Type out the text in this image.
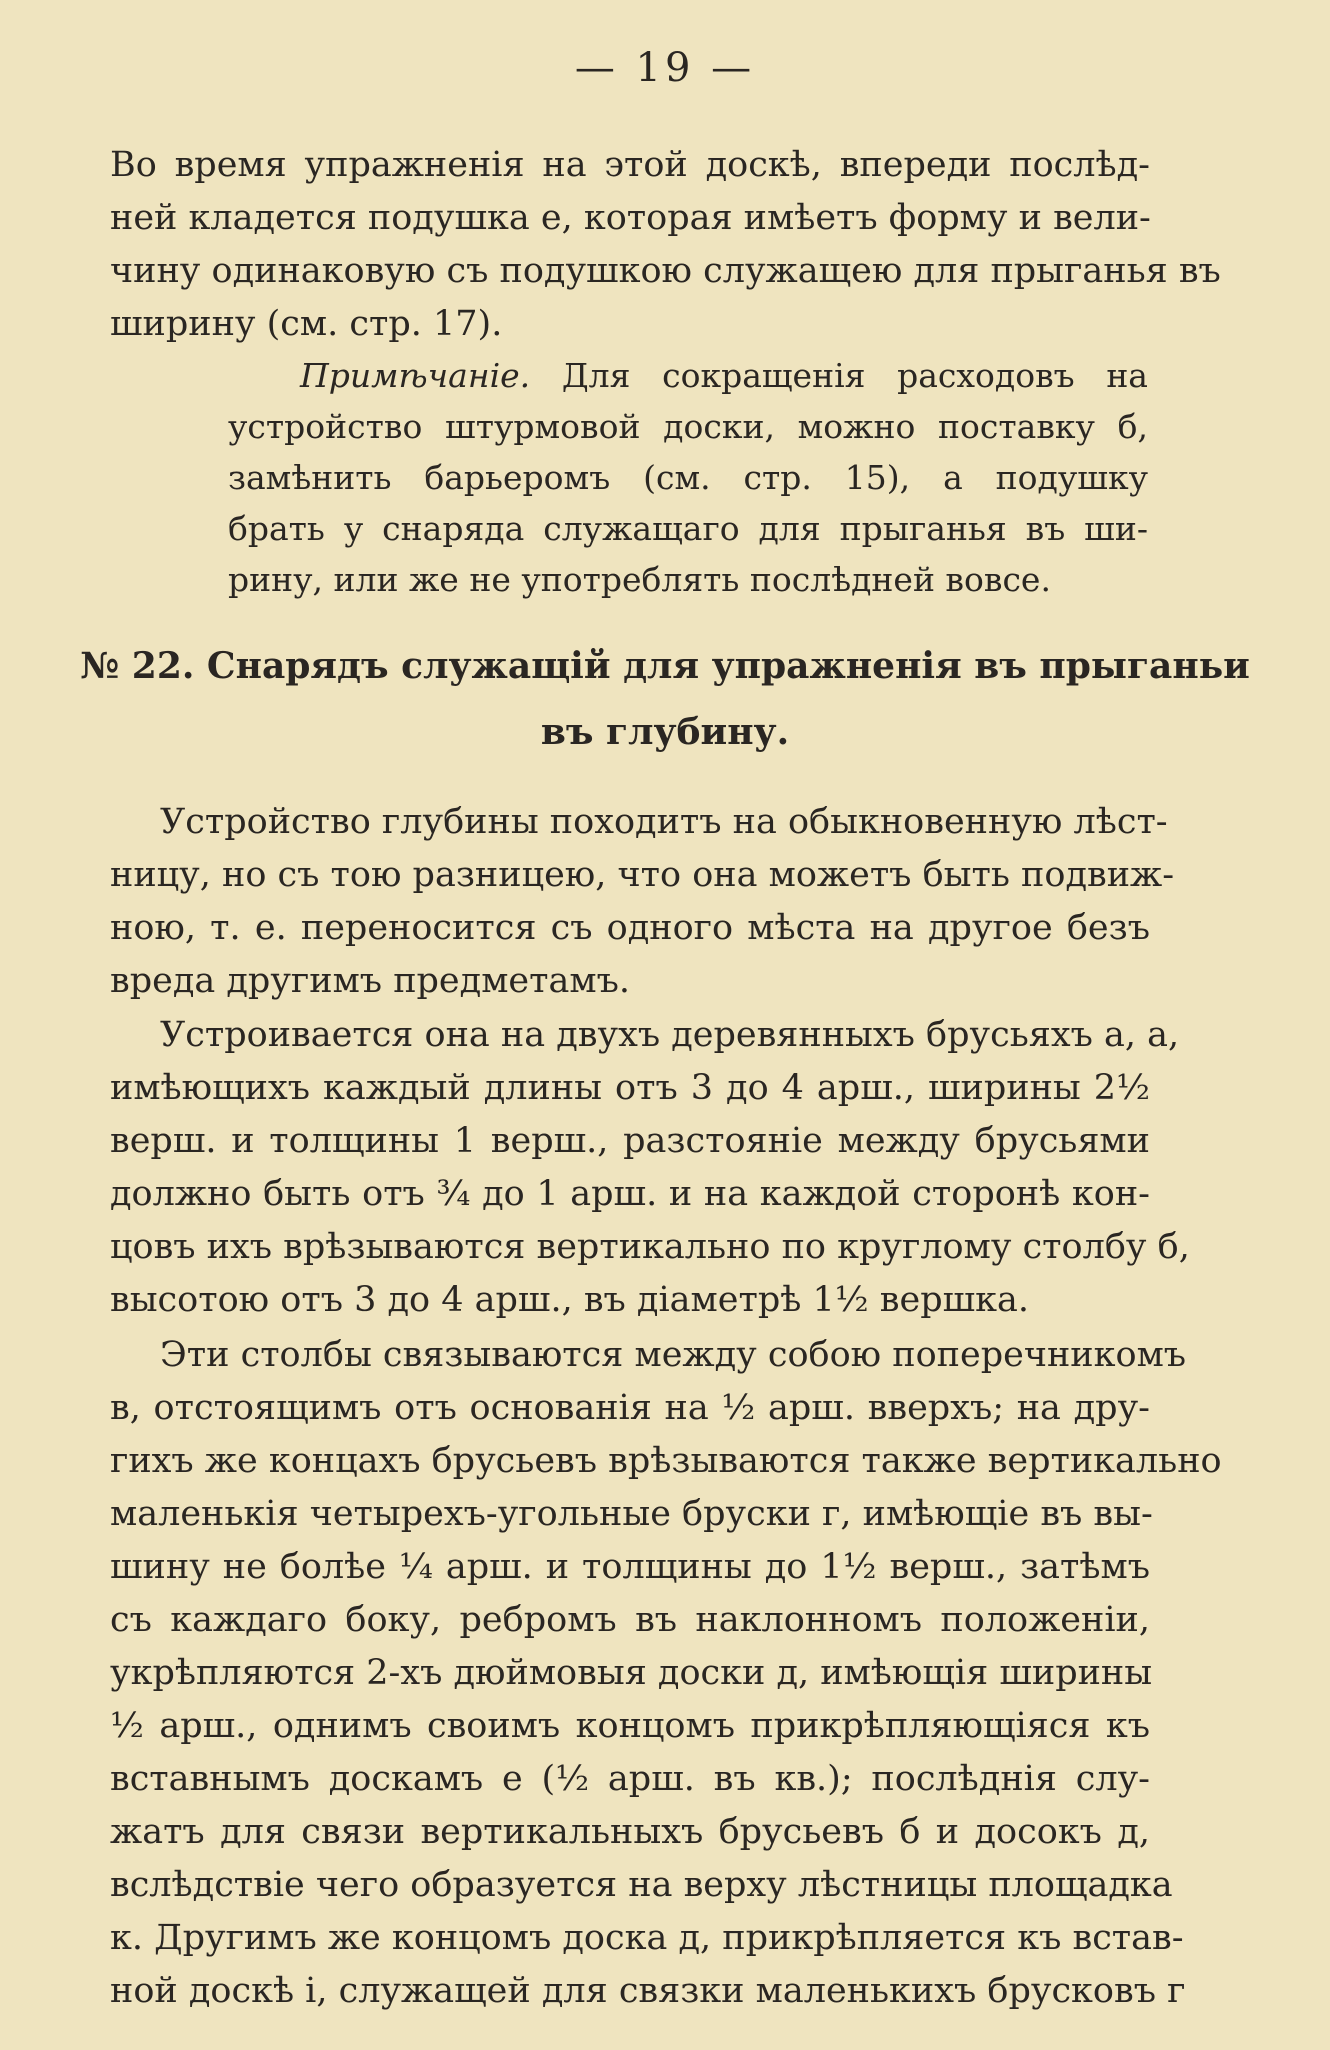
— 19 —
Во время упражненія на этой доскѣ, впереди послѣд-
ней кладется подушка е, которая имѣетъ форму и вели-
чину одинаковую съ подушкою служащею для прыганья въ
ширину (см. стр. 17).
Примѣчаніе. Для сокращенія расходовъ на
устройство штурмовой доски, можно поставку б,
замѣнить барьеромъ (см. стр. 15), а подушку
брать у снаряда служащаго для прыганья въ ши-
рину, или же не употреблять послѣдней вовсе.
№ 22. Снарядъ служащій для упражненія въ прыганьи
въ глубину.
Устройство глубины походитъ на обыкновенную лѣст-
ницу, но съ тою разницею, что она можетъ быть подвиж-
ною, т. е. переносится съ одного мѣста на другое безъ
вреда другимъ предметамъ.
Устроивается она на двухъ деревянныхъ брусьяхъ а, а,
имѣющихъ каждый длины отъ 3 до 4 арш., ширины 2½
верш. и толщины 1 верш., разстояніе между брусьями
должно быть отъ ¾ до 1 арш. и на каждой сторонѣ кон-
цовъ ихъ врѣзываются вертикально по круглому столбу б,
высотою отъ 3 до 4 арш., въ діаметрѣ 1½ вершка.
Эти столбы связываются между собою поперечникомъ
в, отстоящимъ отъ основанія на ½ арш. вверхъ; на дру-
гихъ же концахъ брусьевъ врѣзываются также вертикально
маленькія четырехъ-угольные бруски г, имѣющіе въ вы-
шину не болѣе ¼ арш. и толщины до 1½ верш., затѣмъ
съ каждаго боку, ребромъ въ наклонномъ положеніи,
укрѣпляются 2-хъ дюймовыя доски д, имѣющія ширины
½ арш., однимъ своимъ концомъ прикрѣпляющіяся къ
вставнымъ доскамъ е (½ арш. въ кв.); послѣднія слу-
жатъ для связи вертикальныхъ брусьевъ б и досокъ д,
вслѣдствіе чего образуется на верху лѣстницы площадка
к. Другимъ же концомъ доска д, прикрѣпляется къ встав-
ной доскѣ і, служащей для связки маленькихъ брусковъ г
